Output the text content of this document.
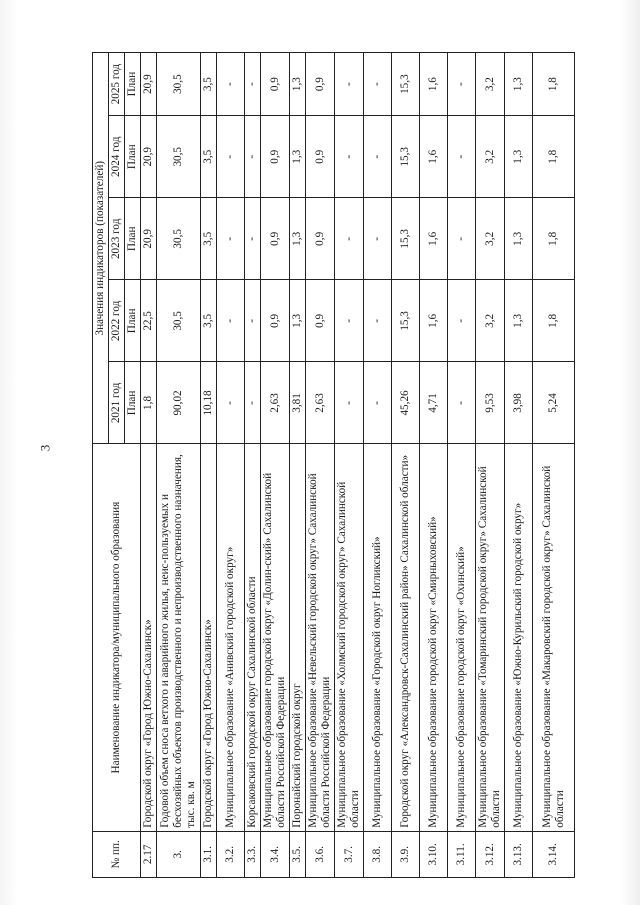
3
№ пп.	Наименование индикатора/муниципального образования	Значения индикаторов (показателей)				
		2021 год	2022 год	2023 год	2024 год	2025 год
		План	План	План	План	План
2.17	Городской округ «Город Южно-Сахалинск»	1,8	22,5	20,9	20,9	20,9
3.	Годовой объем сноса ветхого и аварийного жилья, неис-пользуемых и бесхозяйных объектов производственного и непроизводственного назначения, тыс. кв. м	90,02	30,5	30,5	30,5	30,5
3.1.	Городской округ «Город Южно-Сахалинск»	10,18	3,5	3,5	3,5	3,5
3.2.	Муниципальное образование «Анивский городской округ»	-	-	-	-	-
3.3.	Корсаковский городской округ Сахалинской области	-	-	-	-	-
3.4.	Муниципальное образование городской округ «Долин-ский» Сахалинской области Российской Федерации	2,63	0,9	0,9	0,9	0,9
3.5.	Поронайский городской округ	3,81	1,3	1,3	1,3	1,3
3.6.	Муниципальное образование «Невельский городской округ» Сахалинской области Российской Федерации	2,63	0,9	0,9	0,9	0,9
3.7.	Муниципальное образование «Холмский городской округ» Сахалинской области	-	-	-	-	-
3.8.	Муниципальное образование «Городской округ Ногликский»	-	-	-	-	-
3.9.	Городской округ «Александровск-Сахалинский район» Сахалинской области»	45,26	15,3	15,3	15,3	15,3
3.10.	Муниципальное образование городской округ «Смирныховский»	4,71	1,6	1,6	1,6	1,6
3.11.	Муниципальное образование городской округ «Охинский»	-	-	-	-	-
3.12.	Муниципальное образование «Томаринский городской округ» Сахалинской области	9,53	3,2	3,2	3,2	3,2
3.13.	Муниципальное образование «Южно-Курильский городской округ»	3,98	1,3	1,3	1,3	1,3
3.14.	Муниципальное образование «Макаровский городской округ» Сахалинской области	5,24	1,8	1,8	1,8	1,8
